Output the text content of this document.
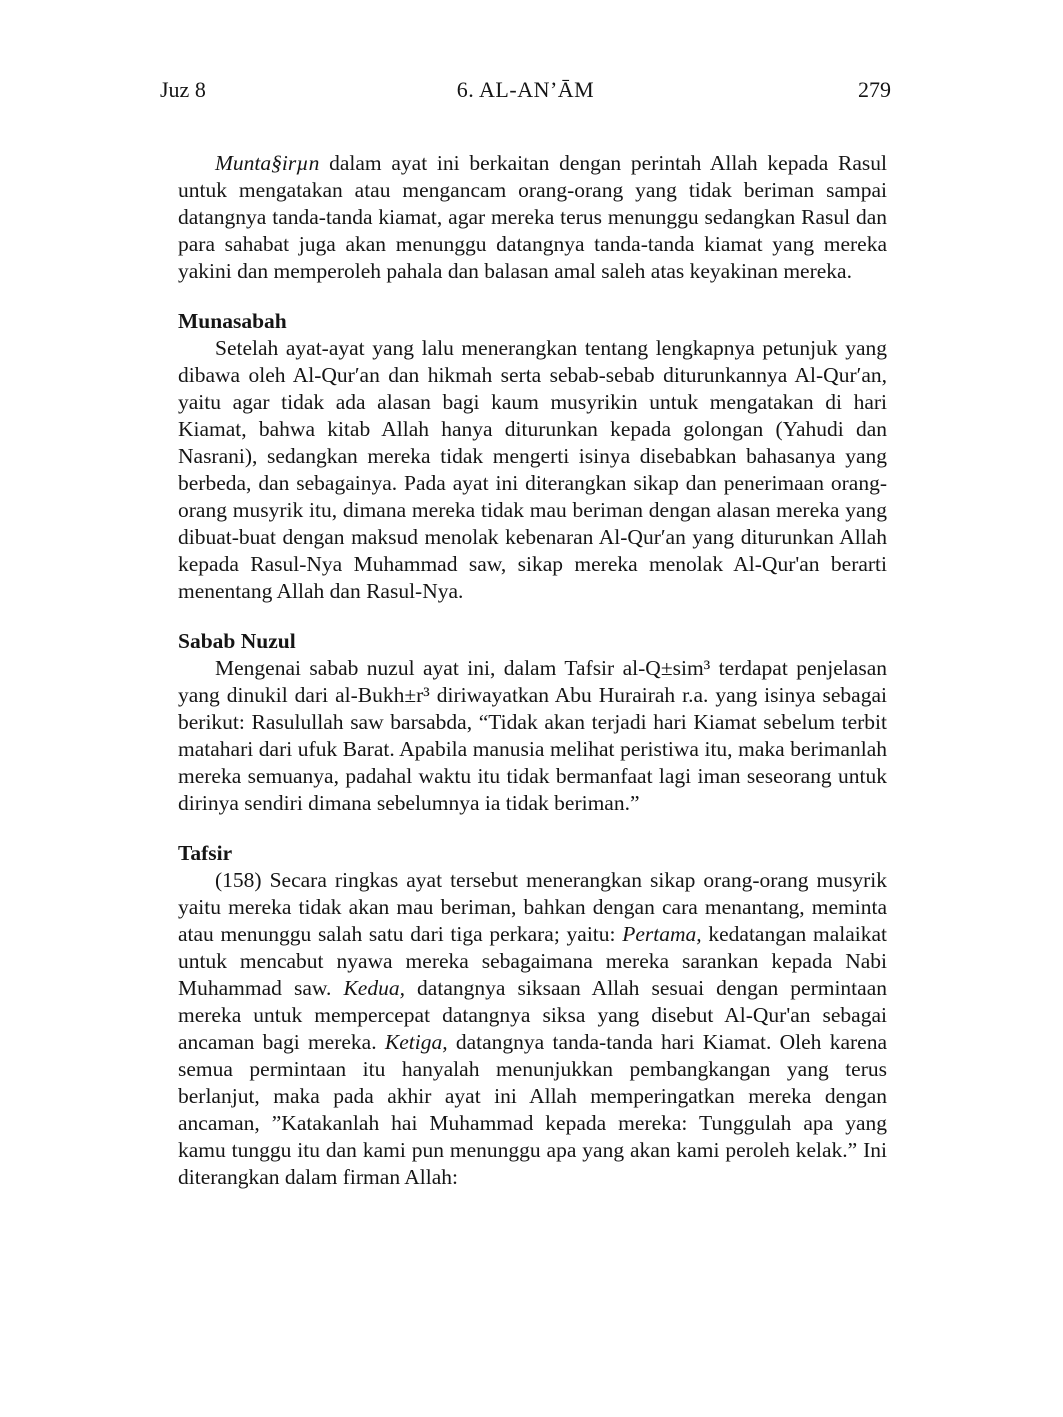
Juz 8	6. AL-AN’ĀM	279

Munta§irµn dalam ayat ini berkaitan dengan perintah Allah kepada Rasul untuk mengatakan atau mengancam orang-orang yang tidak beriman sampai datangnya tanda-tanda kiamat, agar mereka terus menunggu sedangkan Rasul dan para sahabat juga akan menunggu datangnya tanda-tanda kiamat yang mereka yakini dan memperoleh pahala dan balasan amal saleh atas keyakinan mereka.

Munasabah

Setelah ayat-ayat yang lalu menerangkan tentang lengkapnya petunjuk yang dibawa oleh Al-Qur′an dan hikmah serta sebab-sebab diturunkannya Al-Qur′an, yaitu agar tidak ada alasan bagi kaum musyrikin untuk mengatakan di hari Kiamat, bahwa kitab Allah hanya diturunkan kepada golongan (Yahudi dan Nasrani), sedangkan mereka tidak mengerti isinya disebabkan bahasanya yang berbeda, dan sebagainya. Pada ayat ini diterangkan sikap dan penerimaan orang-orang musyrik itu, dimana mereka tidak mau beriman dengan alasan mereka yang dibuat-buat dengan maksud menolak kebenaran Al-Qur′an yang diturunkan Allah kepada Rasul-Nya Muhammad saw, sikap mereka menolak Al-Qur'an berarti menentang Allah dan Rasul-Nya.

Sabab Nuzul

Mengenai sabab nuzul ayat ini, dalam Tafsir al-Q±sim³ terdapat penjelasan yang dinukil dari al-Bukh±r³ diriwayatkan Abu Hurairah r.a. yang isinya sebagai berikut: Rasulullah saw barsabda, “Tidak akan terjadi hari Kiamat sebelum terbit matahari dari ufuk Barat. Apabila manusia melihat peristiwa itu, maka berimanlah mereka semuanya, padahal waktu itu tidak bermanfaat lagi iman seseorang untuk dirinya sendiri dimana sebelumnya ia tidak beriman.”

Tafsir

(158) Secara ringkas ayat tersebut menerangkan sikap orang-orang musyrik yaitu mereka tidak akan mau beriman, bahkan dengan cara menantang, meminta atau menunggu salah satu dari tiga perkara; yaitu: Pertama, kedatangan malaikat untuk mencabut nyawa mereka sebagaimana mereka sarankan kepada Nabi Muhammad saw. Kedua, datangnya siksaan Allah sesuai dengan permintaan mereka untuk mempercepat datangnya siksa yang disebut Al-Qur'an sebagai ancaman bagi mereka. Ketiga, datangnya tanda-tanda hari Kiamat. Oleh karena semua permintaan itu hanyalah menunjukkan pembangkangan yang terus berlanjut, maka pada akhir ayat ini Allah memperingatkan mereka dengan ancaman, ”Katakanlah hai Muhammad kepada mereka: Tunggulah apa yang kamu tunggu itu dan kami pun menunggu apa yang akan kami peroleh kelak.” Ini diterangkan dalam firman Allah:
